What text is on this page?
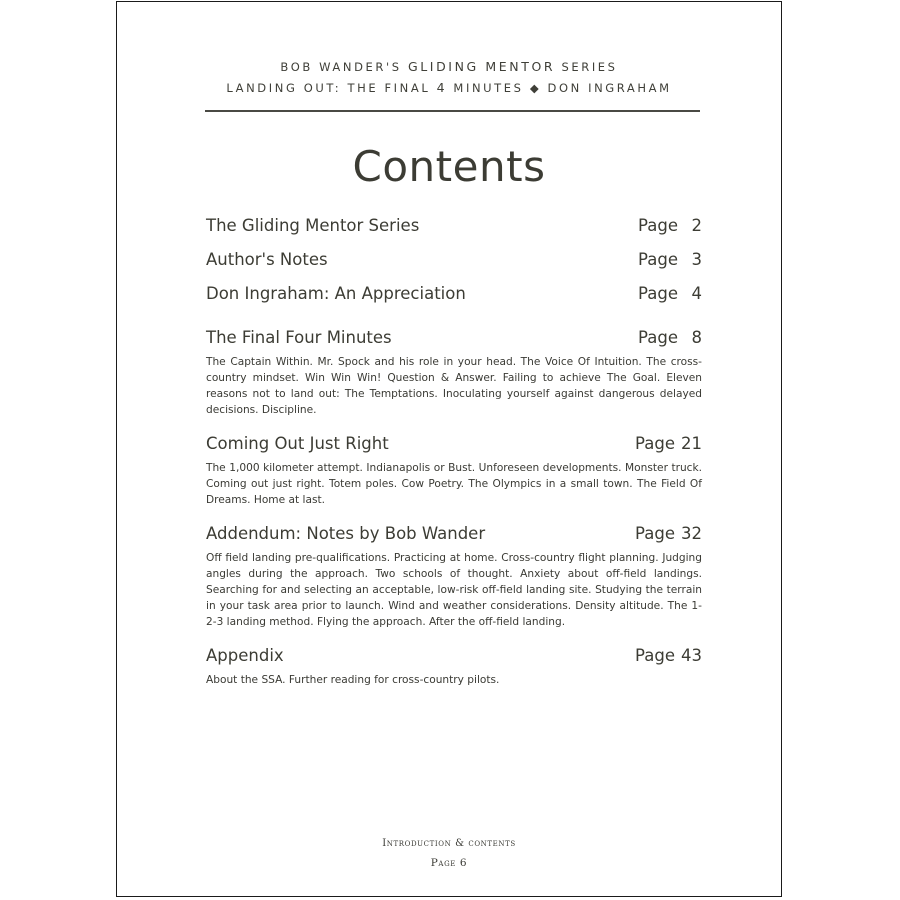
BOB WANDER'S GLIDING MENTOR SERIES
LANDING OUT: THE FINAL 4 MINUTES ◆ DON INGRAHAM
Contents
The Gliding Mentor Series	Page 2
Author's Notes	Page 3
Don Ingraham: An Appreciation	Page 4
The Final Four Minutes	Page 8
The Captain Within. Mr. Spock and his role in your head. The Voice Of Intuition. The cross-country mindset. Win Win Win! Question & Answer. Failing to achieve The Goal. Eleven reasons not to land out: The Temptations. Inoculating yourself against dangerous delayed decisions. Discipline.
Coming Out Just Right	Page 21
The 1,000 kilometer attempt. Indianapolis or Bust. Unforeseen developments. Monster truck. Coming out just right. Totem poles. Cow Poetry. The Olympics in a small town. The Field Of Dreams. Home at last.
Addendum: Notes by Bob Wander	Page 32
Off field landing pre-qualifications. Practicing at home. Cross-country flight planning. Judging angles during the approach. Two schools of thought. Anxiety about off-field landings. Searching for and selecting an acceptable, low-risk off-field landing site. Studying the terrain in your task area prior to launch. Wind and weather considerations. Density altitude. The 1-2-3 landing method. Flying the approach. After the off-field landing.
Appendix	Page 43
About the SSA. Further reading for cross-country pilots.
Introduction & contents
Page 6
